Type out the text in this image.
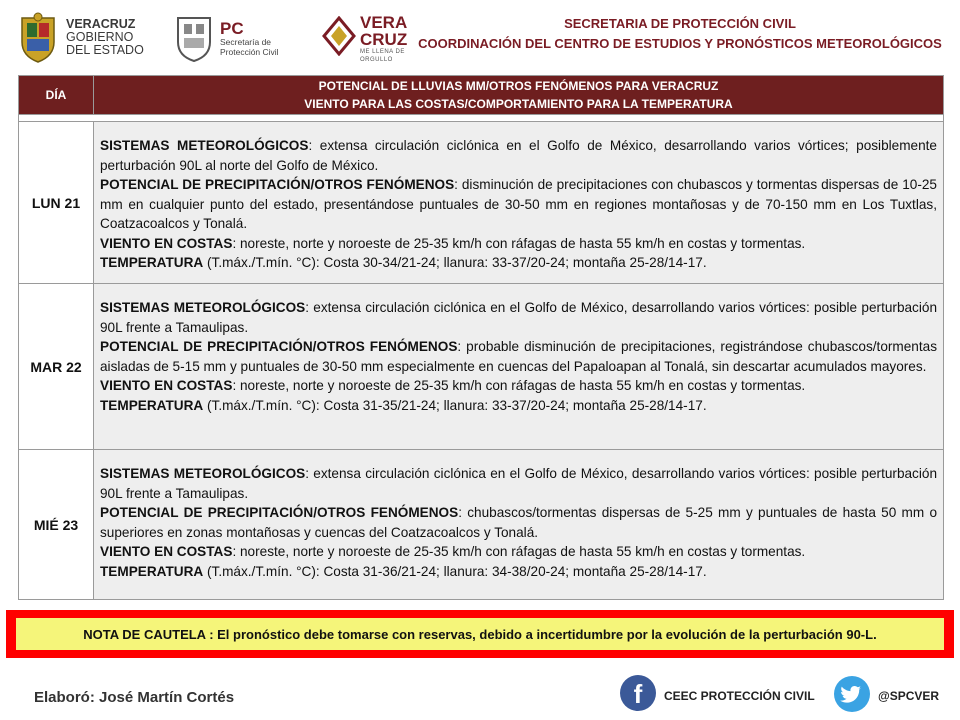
VERACRUZ
GOBIERNO
DEL ESTADO
PC
Secretaría de
Protección Civil
VERA
CRUZ
ME LLENA DE ORGULLO
SECRETARIA DE PROTECCIÓN CIVIL
COORDINACIÓN DEL CENTRO DE ESTUDIOS Y PRONÓSTICOS METEOROLÓGICOS
DÍA	POTENCIAL DE LLUVIAS MM/OTROS FENÓMENOS PARA VERACRUZ
VIENTO PARA LAS COSTAS/COMPORTAMIENTO PARA LA TEMPERATURA

LUN 21	SISTEMAS METEOROLÓGICOS: extensa circulación ciclónica en el Golfo de México, desarrollando varios vórtices; posiblemente perturbación 90L al norte del Golfo de México.

POTENCIAL DE PRECIPITACIÓN/OTROS FENÓMENOS: disminución de precipitaciones con chubascos y tormentas dispersas de 10-25 mm en cualquier punto del estado, presentándose puntuales de 30-50 mm en regiones montañosas y de 70-150 mm en Los Tuxtlas, Coatzacoalcos y Tonalá.

VIENTO EN COSTAS: noreste, norte y noroeste de 25-35 km/h con ráfagas de hasta 55 km/h en costas y tormentas.

TEMPERATURA (T.máx./T.mín. °C): Costa 30-34/21-24; llanura: 33-37/20-24; montaña 25-28/14-17.

MAR 22	SISTEMAS METEOROLÓGICOS: extensa circulación ciclónica en el Golfo de México, desarrollando varios vórtices: posible perturbación 90L frente a Tamaulipas.

POTENCIAL DE PRECIPITACIÓN/OTROS FENÓMENOS: probable disminución de precipitaciones, registrándose chubascos/tormentas aisladas de 5-15 mm y puntuales de 30-50 mm especialmente en cuencas del Papaloapan al Tonalá, sin descartar acumulados mayores.

VIENTO EN COSTAS: noreste, norte y noroeste de 25-35 km/h con ráfagas de hasta 55 km/h en costas y tormentas.

TEMPERATURA (T.máx./T.mín. °C): Costa 31-35/21-24; llanura: 33-37/20-24; montaña 25-28/14-17.

MIÉ 23	SISTEMAS METEOROLÓGICOS: extensa circulación ciclónica en el Golfo de México, desarrollando varios vórtices: posible perturbación 90L frente a Tamaulipas.

POTENCIAL DE PRECIPITACIÓN/OTROS FENÓMENOS: chubascos/tormentas dispersas de 5-25 mm y puntuales de hasta 50 mm o superiores en zonas montañosas y cuencas del Coatzacoalcos y Tonalá.

VIENTO EN COSTAS: noreste, norte y noroeste de 25-35 km/h con ráfagas de hasta 55 km/h en costas y tormentas.

TEMPERATURA (T.máx./T.mín. °C): Costa 31-36/21-24; llanura: 34-38/20-24; montaña 25-28/14-17.

NOTA DE CAUTELA : El pronóstico debe tomarse con reservas, debido a incertidumbre por la evolución de la perturbación 90-L.
Elaboró: José Martín Cortés	f	CEEC PROTECCIÓN CIVIL	@SPCVER
